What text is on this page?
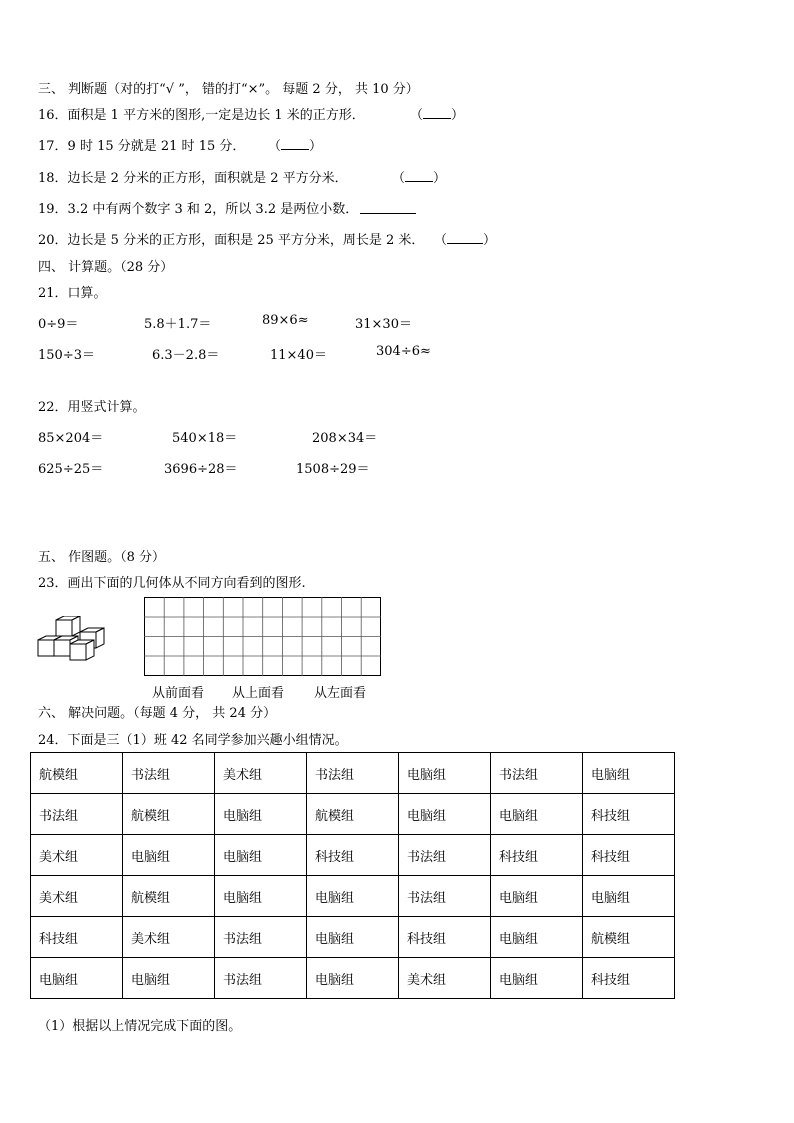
三、 判断题（对的打“√ ”， 错的打“×”。 每题 2 分， 共 10 分）
16．面积是 1 平方米的图形,一定是边长 1 米的正方形．	（ ）
17．9 时 15 分就是 21 时 15 分． （ ）
18．边长是 2 分米的正方形，面积就是 2 平方分米．	（ ）
19．3.2 中有两个数字 3 和 2，所以 3.2 是两位小数．
20．边长是 5 分米的正方形，面积是 25 平方分米，周长是 2 米． （	）
四、 计算题。（28 分）
21．口算。
0÷9＝	5.8＋1.7＝	89×6≈	31×30＝
150÷3＝	6.3－2.8＝	11×40＝	304÷6≈
22．用竖式计算。
85×204＝	540×18＝	208×34＝
625÷25＝	3696÷28＝	1508÷29＝
五、 作图题。（8 分）
23．画出下面的几何体从不同方向看到的图形.
从前面看 从上面看 从左面看
六、 解决问题。（每题 4 分， 共 24 分）
24．下面是三（1）班 42 名同学参加兴趣小组情况。
航模组	书法组	美术组	书法组	电脑组	书法组	电脑组
书法组	航模组	电脑组	航模组	电脑组	电脑组	科技组
美术组	电脑组	电脑组	科技组	书法组	科技组	科技组
美术组	航模组	电脑组	电脑组	书法组	电脑组	电脑组
科技组	美术组	书法组	电脑组	科技组	电脑组	航模组
电脑组	电脑组	书法组	电脑组	美术组	电脑组	科技组
（1）根据以上情况完成下面的图。
